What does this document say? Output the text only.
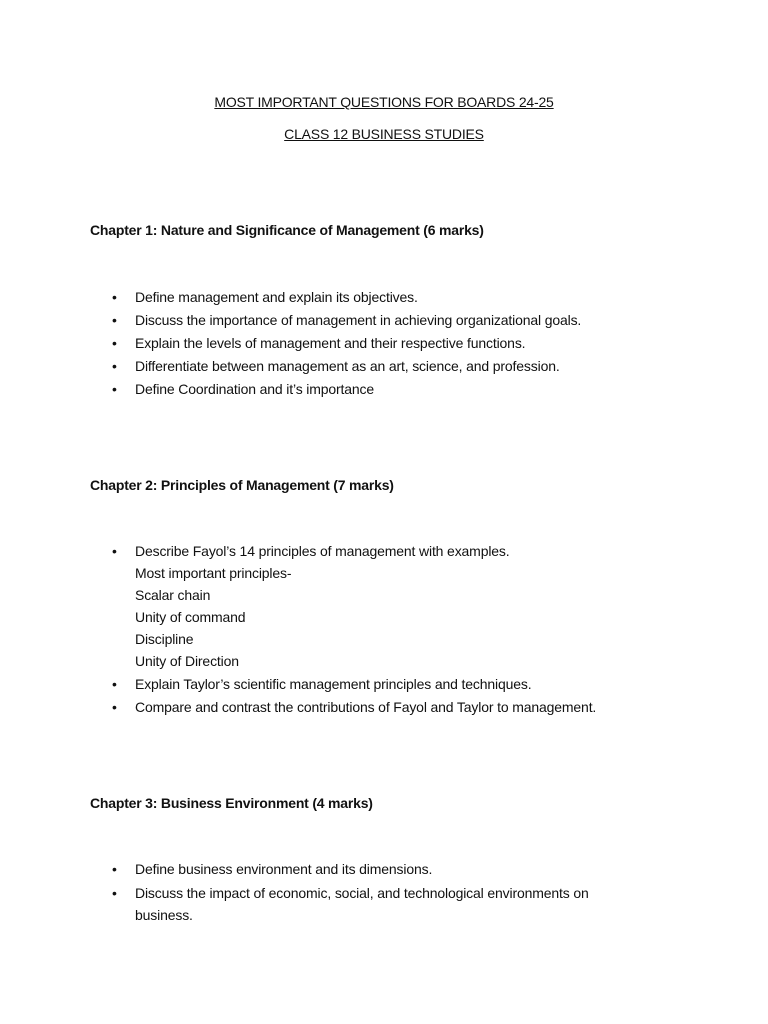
MOST IMPORTANT QUESTIONS FOR BOARDS 24-25
CLASS 12 BUSINESS STUDIES
Chapter 1: Nature and Significance of Management (6 marks)
• Define management and explain its objectives.
• Discuss the importance of management in achieving organizational goals.
• Explain the levels of management and their respective functions.
• Differentiate between management as an art, science, and profession.
• Define Coordination and it’s importance
Chapter 2: Principles of Management (7 marks)
• Describe Fayol’s 14 principles of management with examples.
Most important principles-
Scalar chain
Unity of command
Discipline
Unity of Direction
• Explain Taylor’s scientific management principles and techniques.
• Compare and contrast the contributions of Fayol and Taylor to management.
Chapter 3: Business Environment (4 marks)
• Define business environment and its dimensions.
• Discuss the impact of economic, social, and technological environments on
business.
